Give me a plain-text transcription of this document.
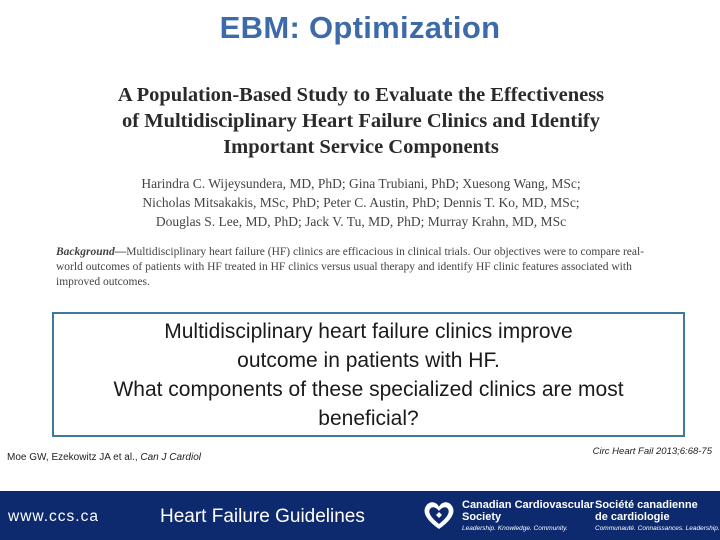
EBM: Optimization
A Population-Based Study to Evaluate the Effectiveness
of Multidisciplinary Heart Failure Clinics and Identify
Important Service Components
Harindra C. Wijeysundera, MD, PhD; Gina Trubiani, PhD; Xuesong Wang, MSc;
Nicholas Mitsakakis, MSc, PhD; Peter C. Austin, PhD; Dennis T. Ko, MD, MSc;
Douglas S. Lee, MD, PhD; Jack V. Tu, MD, PhD; Murray Krahn, MD, MSc
Background—Multidisciplinary heart failure (HF) clinics are efficacious in clinical trials. Our objectives were to compare real-world outcomes of patients with HF treated in HF clinics versus usual therapy and identify HF clinic features associated with improved outcomes.
Multidisciplinary heart failure clinics improve
outcome in patients with HF.
What components of these specialized clinics are most
beneficial?
Moe GW, Ezekowitz JA et al., Can J Cardiol
Circ Heart Fail 2013;6:68-75
www.ccs.ca	Heart Failure Guidelines
Canadian Cardiovascular
Society
Leadership. Knowledge. Community.
Société canadienne
de cardiologie
Communauté. Connaissances. Leadership.
